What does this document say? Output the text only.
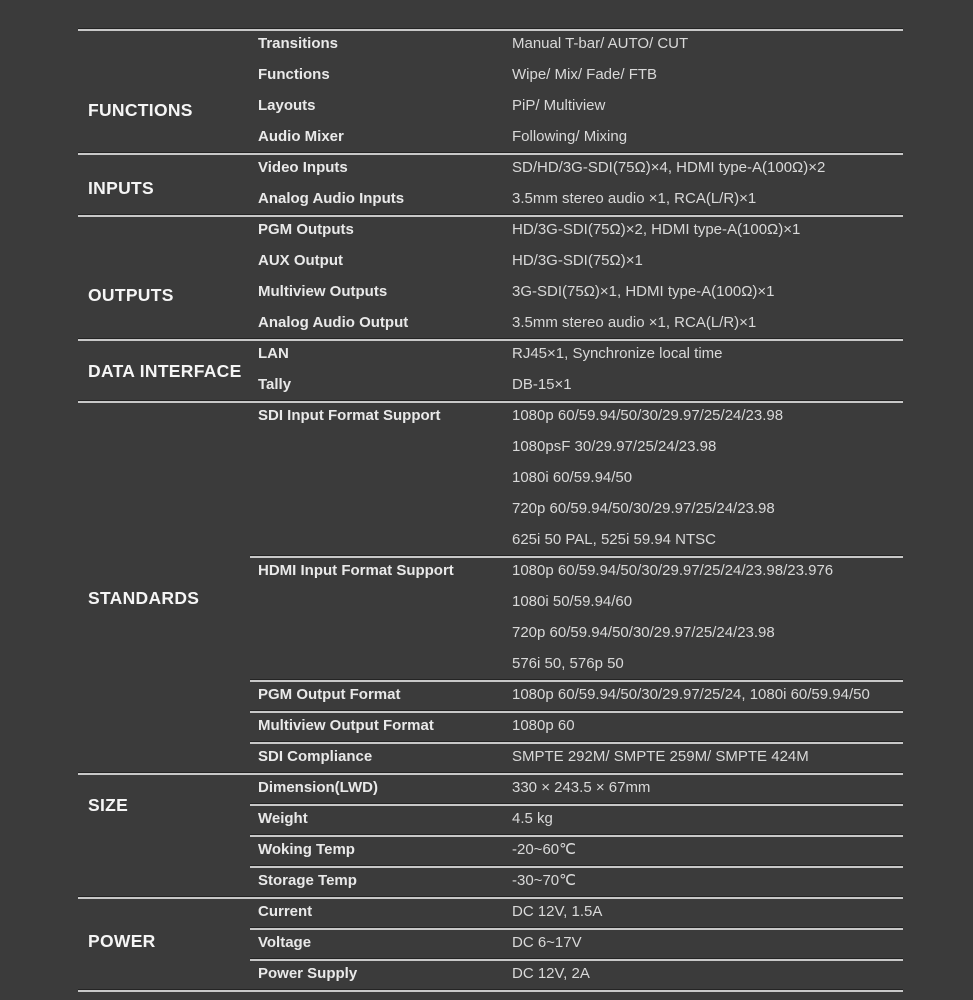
FUNCTIONS
Transitions	Manual T-bar/ AUTO/ CUT
Functions	Wipe/ Mix/ Fade/ FTB
Layouts	PiP/ Multiview
Audio Mixer	Following/ Mixing
INPUTS
Video Inputs	SD/HD/3G-SDI(75Ω)×4, HDMI type-A(100Ω)×2
Analog Audio Inputs	3.5mm stereo audio ×1, RCA(L/R)×1
OUTPUTS
PGM Outputs	HD/3G-SDI(75Ω)×2, HDMI type-A(100Ω)×1
AUX Output	HD/3G-SDI(75Ω)×1
Multiview Outputs	3G-SDI(75Ω)×1, HDMI type-A(100Ω)×1
Analog Audio Output	3.5mm stereo audio ×1, RCA(L/R)×1
DATA INTERFACE
LAN	RJ45×1, Synchronize local time
Tally	DB-15×1
STANDARDS
SDI Input Format Support	1080p 60/59.94/50/30/29.97/25/24/23.98
1080psF 30/29.97/25/24/23.98
1080i 60/59.94/50
720p 60/59.94/50/30/29.97/25/24/23.98
625i 50 PAL, 525i 59.94 NTSC
HDMI Input Format Support	1080p 60/59.94/50/30/29.97/25/24/23.98/23.976
1080i 50/59.94/60
720p 60/59.94/50/30/29.97/25/24/23.98
576i 50, 576p 50
PGM Output Format	1080p 60/59.94/50/30/29.97/25/24, 1080i 60/59.94/50
Multiview Output Format	1080p 60
SDI Compliance	SMPTE 292M/ SMPTE 259M/ SMPTE 424M
SIZE
Dimension(LWD)	330 × 243.5 × 67mm
Weight	4.5 kg
Woking Temp	-20~60℃
Storage Temp	-30~70℃
POWER
Current	DC 12V, 1.5A
Voltage	DC 6~17V
Power Supply	DC 12V, 2A
